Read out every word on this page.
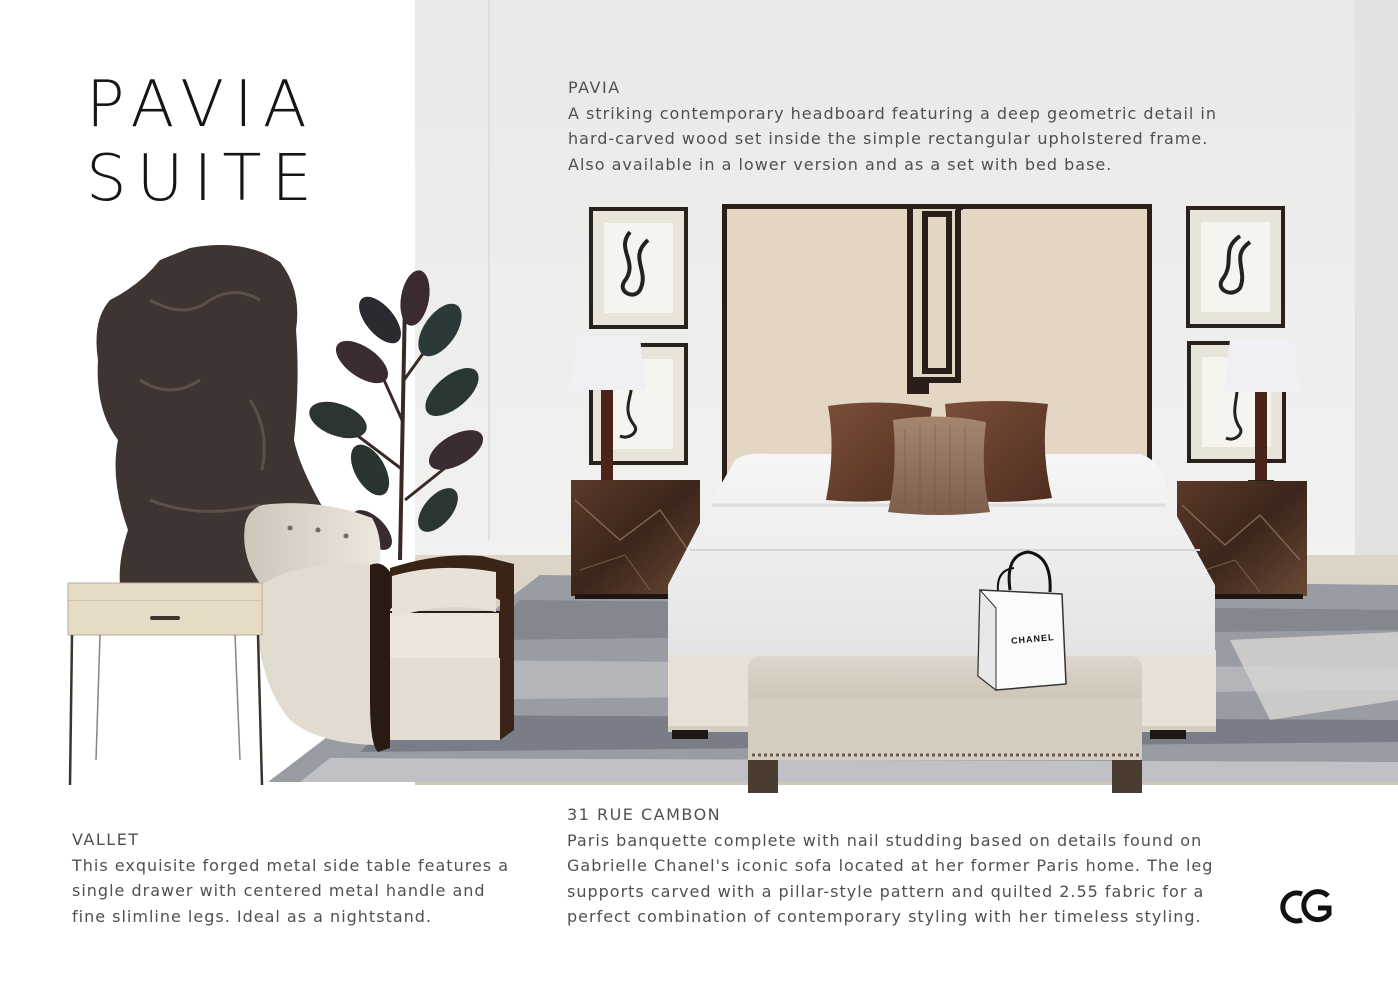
CHANEL
PAVIA
SUITE
PAVIA
A striking contemporary headboard featuring a deep geometric detail in hard-carved wood set inside the simple rectangular upholstered frame. Also available in a lower version and as a set with bed base.
VALLET
This exquisite forged metal side table features a single drawer with centered metal handle and fine slimline legs. Ideal as a nightstand.
31 RUE CAMBON
Paris banquette complete with nail studding based on details found on Gabrielle Chanel's iconic sofa located at her former Paris home. The leg supports carved with a pillar-style pattern and quilted 2.55 fabric for a perfect combination of contemporary styling with her timeless styling.
